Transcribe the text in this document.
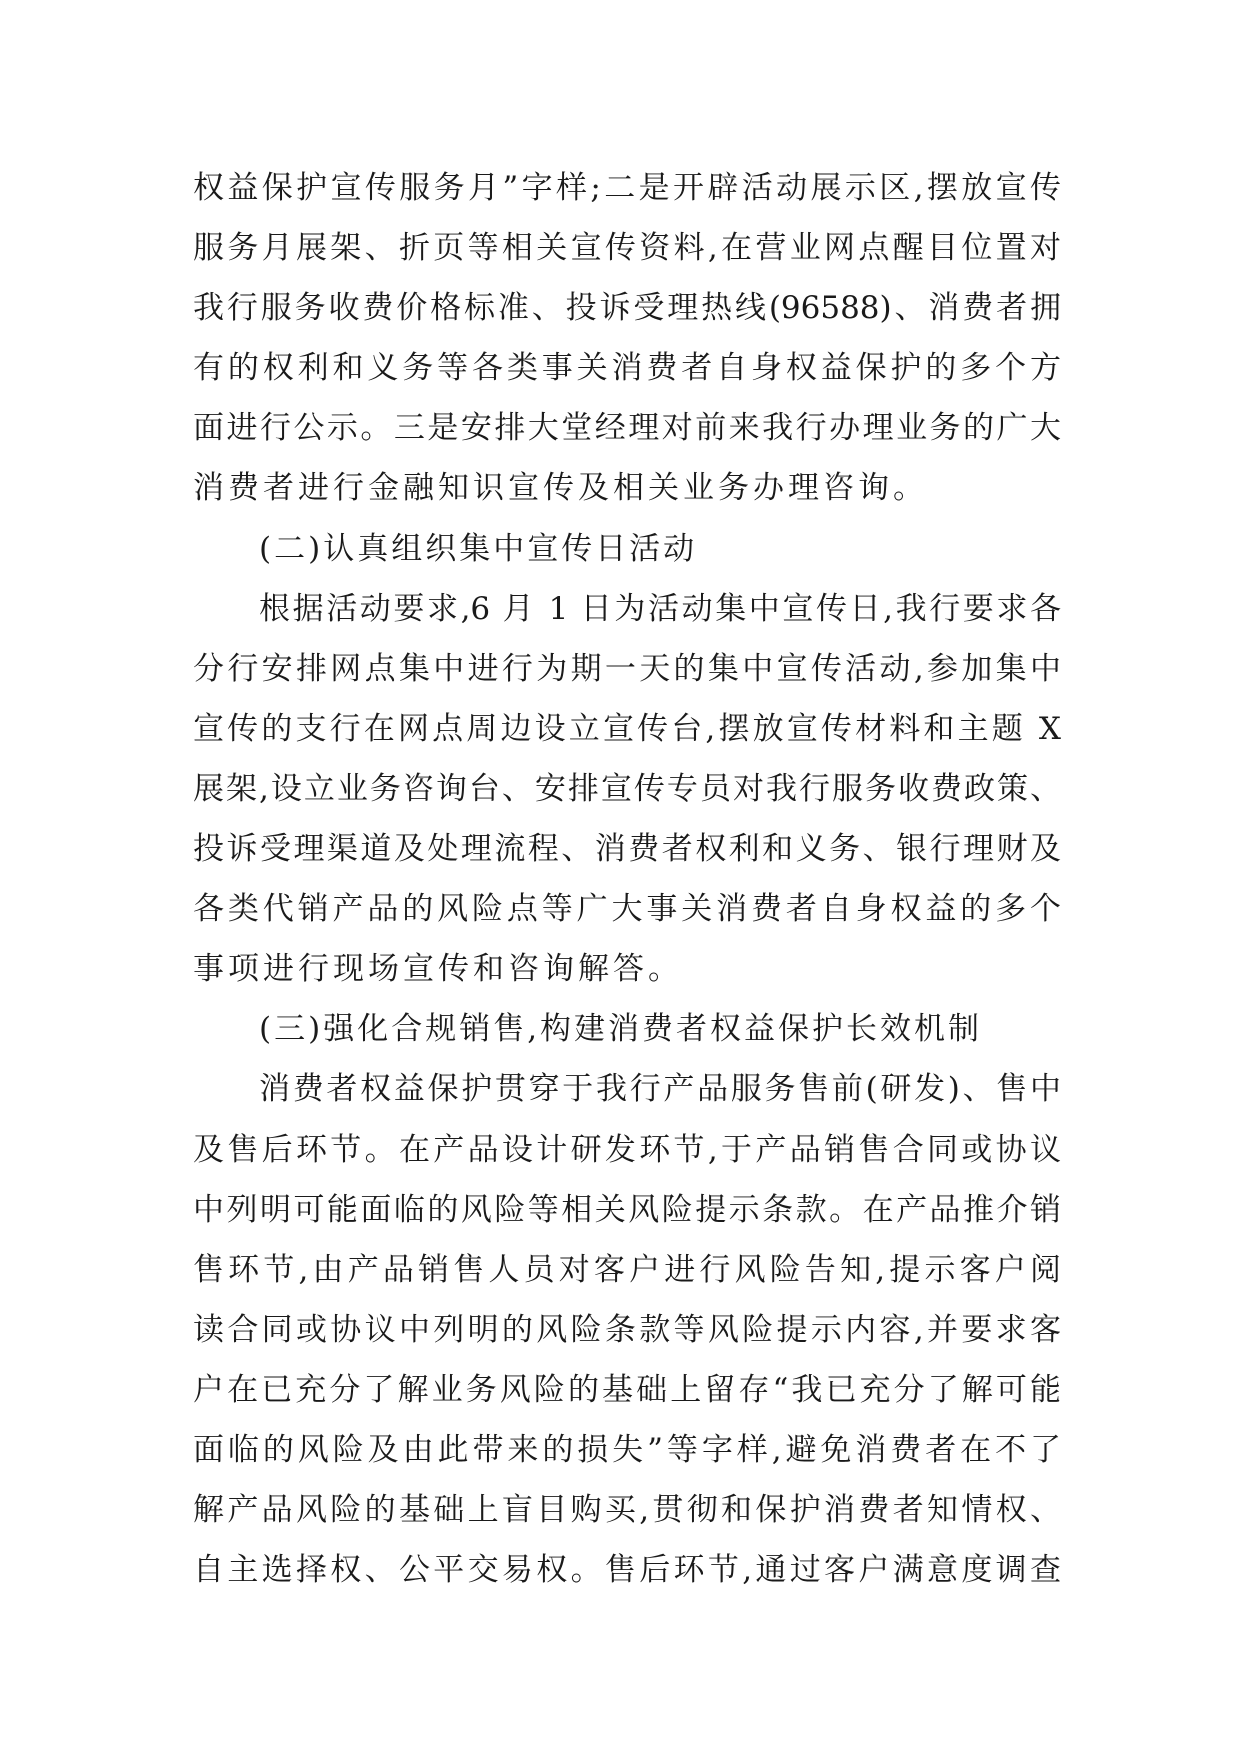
权益保护宣传服务月”字样;二是开辟活动展示区,摆放宣传
服务月展架、折页等相关宣传资料,在营业网点醒目位置对
我行服务收费价格标准、投诉受理热线(96588)、消费者拥
有的权利和义务等各类事关消费者自身权益保护的多个方
面进行公示。三是安排大堂经理对前来我行办理业务的广大
消费者进行金融知识宣传及相关业务办理咨询。
(二)认真组织集中宣传日活动
根据活动要求,6 月 1 日为活动集中宣传日,我行要求各
分行安排网点集中进行为期一天的集中宣传活动,参加集中
宣传的支行在网点周边设立宣传台,摆放宣传材料和主题 X
展架,设立业务咨询台、安排宣传专员对我行服务收费政策、
投诉受理渠道及处理流程、消费者权利和义务、银行理财及
各类代销产品的风险点等广大事关消费者自身权益的多个
事项进行现场宣传和咨询解答。
(三)强化合规销售,构建消费者权益保护长效机制
消费者权益保护贯穿于我行产品服务售前(研发)、售中
及售后环节。在产品设计研发环节,于产品销售合同或协议
中列明可能面临的风险等相关风险提示条款。在产品推介销
售环节,由产品销售人员对客户进行风险告知,提示客户阅
读合同或协议中列明的风险条款等风险提示内容,并要求客
户在已充分了解业务风险的基础上留存“我已充分了解可能
面临的风险及由此带来的损失”等字样,避免消费者在不了
解产品风险的基础上盲目购买,贯彻和保护消费者知情权、
自主选择权、公平交易权。售后环节,通过客户满意度调查
